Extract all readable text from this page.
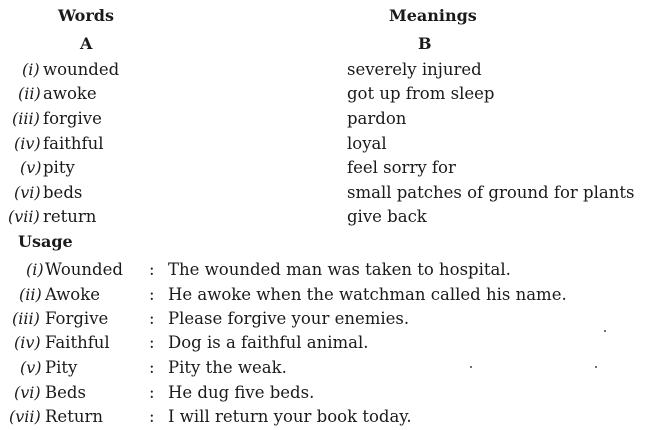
Words	Meanings
A	B
(i) wounded	severely injured
(ii) awoke	got up from sleep
(iii) forgive	pardon
(iv) faithful	loyal
(v) pity	feel sorry for
(vi) beds	small patches of ground for plants
(vii) return	give back
Usage
(i) Wounded : The wounded man was taken to hospital.
(ii) Awoke	: He awoke when the watchman called his name.
(iii) Forgive : Please forgive your enemies.
(iv) Faithful : Dog is a faithful animal.
(v) Pity	: Pity the weak.
(vi) Beds	: He dug five beds.
(vii) Return	: I will return your book today.
